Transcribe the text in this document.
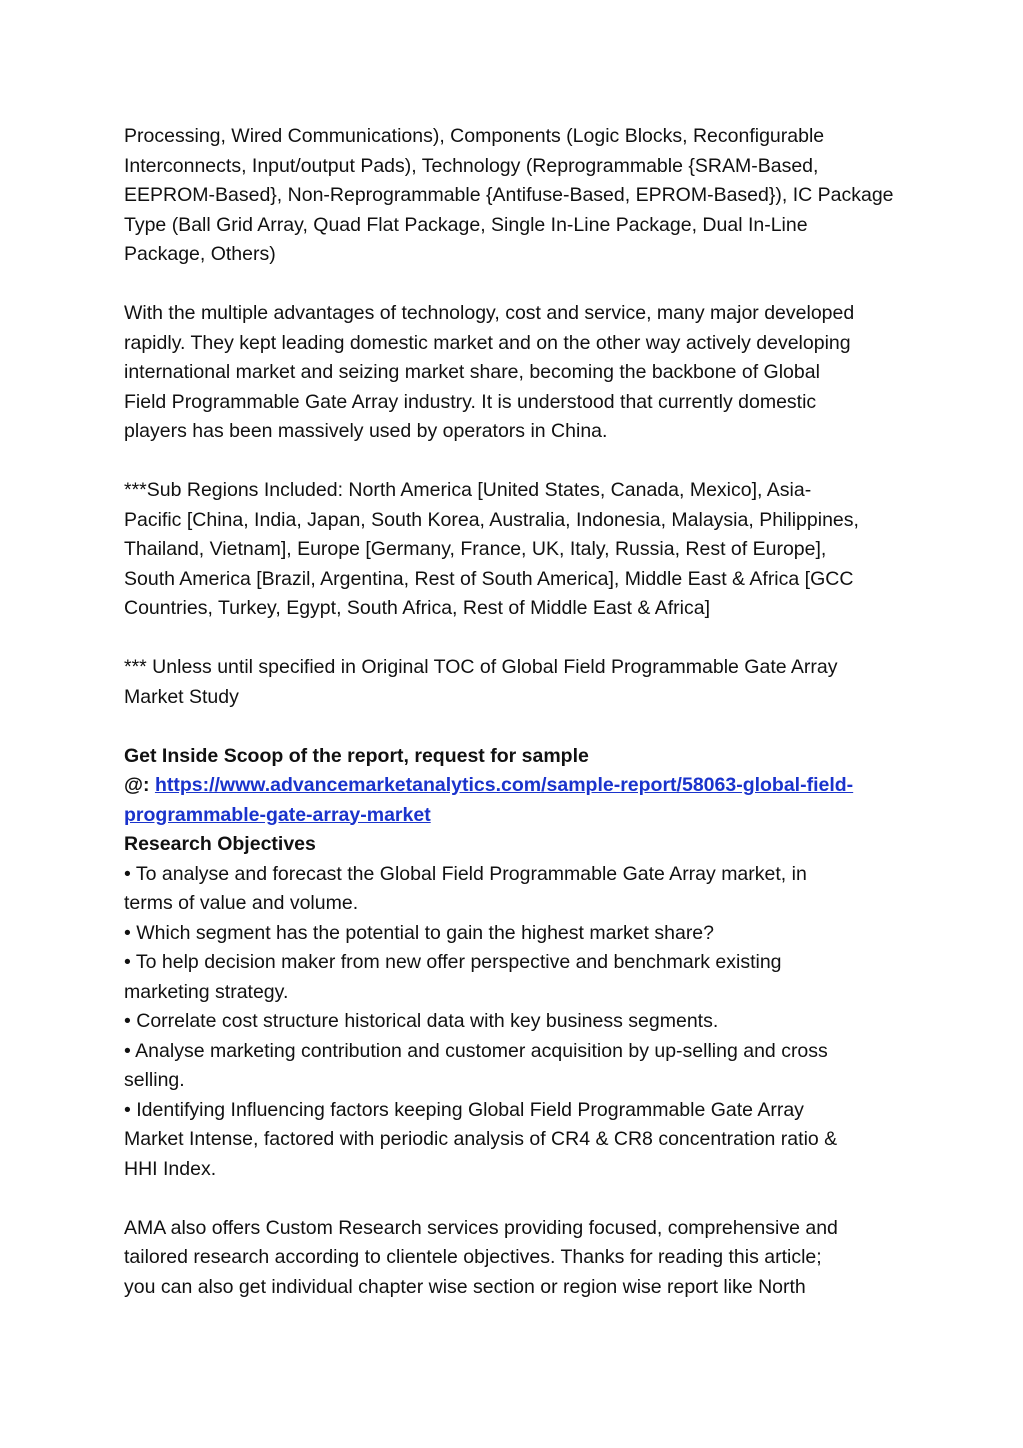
Processing, Wired Communications), Components (Logic Blocks, Reconfigurable
Interconnects, Input/output Pads), Technology (Reprogrammable {SRAM-Based,
EEPROM-Based}, Non-Reprogrammable {Antifuse-Based, EPROM-Based}), IC Package
Type (Ball Grid Array, Quad Flat Package, Single In-Line Package, Dual In-Line
Package, Others)

With the multiple advantages of technology, cost and service, many major developed
rapidly. They kept leading domestic market and on the other way actively developing
international market and seizing market share, becoming the backbone of Global
Field Programmable Gate Array industry. It is understood that currently domestic
players has been massively used by operators in China.

***Sub Regions Included: North America [United States, Canada, Mexico], Asia-
Pacific [China, India, Japan, South Korea, Australia, Indonesia, Malaysia, Philippines,
Thailand, Vietnam], Europe [Germany, France, UK, Italy, Russia, Rest of Europe],
South America [Brazil, Argentina, Rest of South America], Middle East & Africa [GCC
Countries, Turkey, Egypt, South Africa, Rest of Middle East & Africa]

*** Unless until specified in Original TOC of Global Field Programmable Gate Array
Market Study

Get Inside Scoop of the report, request for sample
@: https://www.advancemarketanalytics.com/sample-report/58063-global-field-
programmable-gate-array-market

Research Objectives
• To analyse and forecast the Global Field Programmable Gate Array market, in
terms of value and volume.
• Which segment has the potential to gain the highest market share?
• To help decision maker from new offer perspective and benchmark existing
marketing strategy.
• Correlate cost structure historical data with key business segments.
• Analyse marketing contribution and customer acquisition by up-selling and cross
selling.
• Identifying Influencing factors keeping Global Field Programmable Gate Array
Market Intense, factored with periodic analysis of CR4 & CR8 concentration ratio &
HHI Index.

AMA also offers Custom Research services providing focused, comprehensive and
tailored research according to clientele objectives. Thanks for reading this article;
you can also get individual chapter wise section or region wise report like North
